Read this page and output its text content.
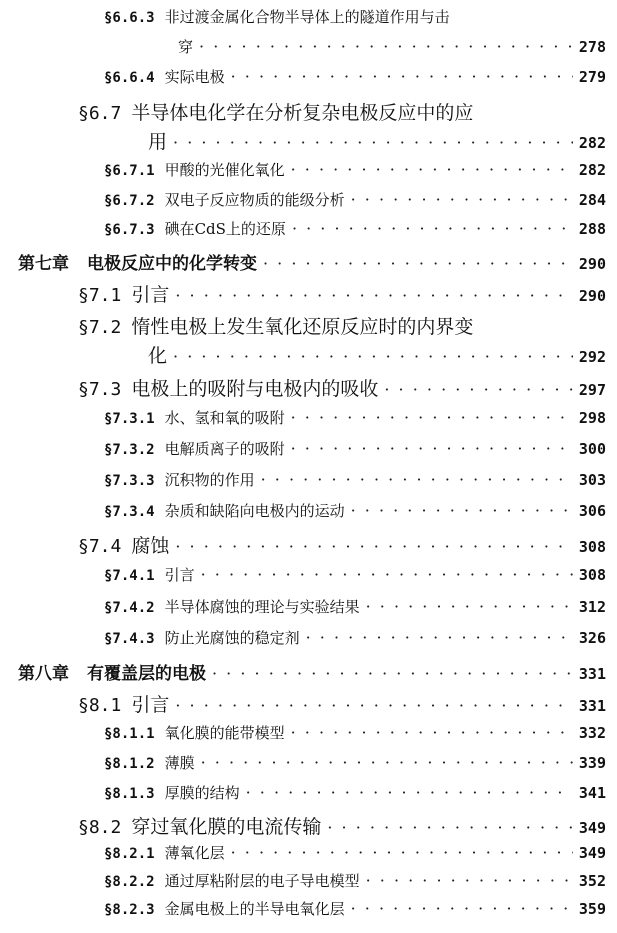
§6.6.3 非过渡金属化合物半导体上的隧道作用与击
穿 · · ·	278
§6.6.4 实际电极 · · ·	279
§6.7 半导体电化学在分析复杂电极反应中的应
用 · · ·	282
§6.7.1 甲酸的光催化氧化 · · ·	282
§6.7.2 双电子反应物质的能级分析 · · ·	284
§6.7.3 碘在CdS上的还原 · · ·	288
第七章 电极反应中的化学转变 · · ·	290
§7.1 引言 · · ·	290
§7.2 惰性电极上发生氧化还原反应时的内界变
化 · · ·	292
§7.3 电极上的吸附与电极内的吸收 · · ·	297
§7.3.1 水、氢和氧的吸附 · · ·	298
§7.3.2 电解质离子的吸附 · · ·	300
§7.3.3 沉积物的作用 · · ·	303
§7.3.4 杂质和缺陷向电极内的运动 · · ·	306
§7.4 腐蚀 · · ·	308
§7.4.1 引言 · · ·	308
§7.4.2 半导体腐蚀的理论与实验结果 · · ·	312
§7.4.3 防止光腐蚀的稳定剂 · · ·	326
第八章 有覆盖层的电极 · · ·	331
§8.1 引言 · · ·	331
§8.1.1 氧化膜的能带模型 · · ·	332
§8.1.2 薄膜 · · ·	339
§8.1.3 厚膜的结构 · · ·	341
§8.2 穿过氧化膜的电流传输 · · ·	349
§8.2.1 薄氧化层 · · ·	349
§8.2.2 通过厚粘附层的电子导电模型 · · ·	352
§8.2.3 金属电极上的半导电氧化层 · · ·	359
